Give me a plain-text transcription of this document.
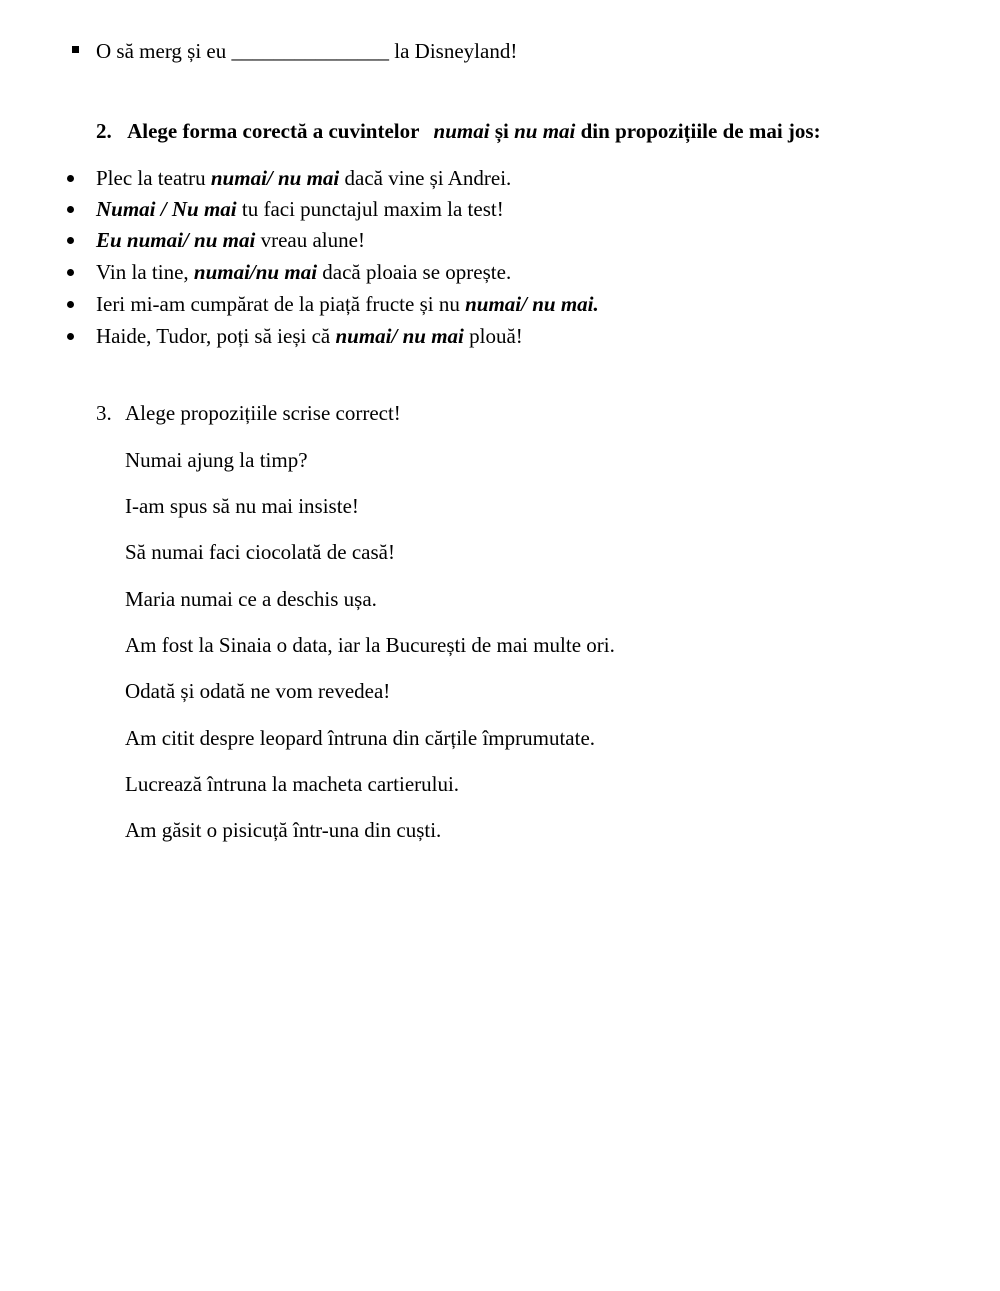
O să merg și eu _______________ la Disneyland!
2. Alege forma corectă a cuvintelor numai și nu mai din propozițiile de mai jos:
Plec la teatru numai/ nu mai dacă vine și Andrei.
Numai / Nu mai tu faci punctajul maxim la test!
Eu numai/ nu mai vreau alune!
Vin la tine, numai/nu mai dacă ploaia se oprește.
Ieri mi-am cumpărat de la piață fructe și nu numai/ nu mai.
Haide, Tudor, poți să ieși că numai/ nu mai plouă!
3. Alege propozițiile scrise correct!
Numai ajung la timp?
I-am spus să nu mai insiste!
Să numai faci ciocolată de casă!
Maria numai ce a deschis ușa.
Am fost la Sinaia o data, iar la București de mai multe ori.
Odată și odată ne vom revedea!
Am citit despre leopard întruna din cărțile împrumutate.
Lucrează întruna la macheta cartierului.
Am găsit o pisicuță într-una din cuști.
